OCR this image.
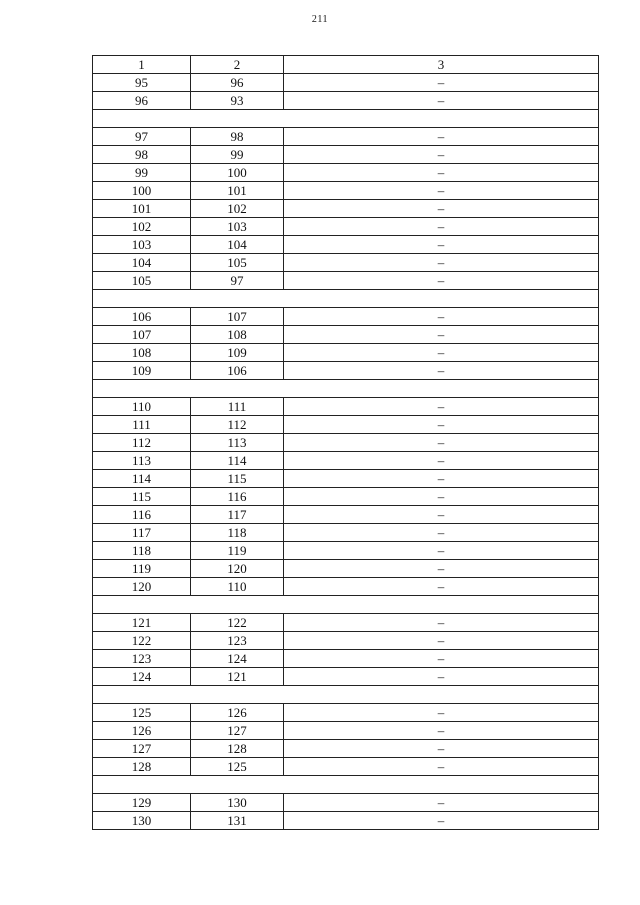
211
1	2	3
95	96	–
96	93	–

97	98	–
98	99	–
99	100	–
100	101	–
101	102	–
102	103	–
103	104	–
104	105	–
105	97	–

106	107	–
107	108	–
108	109	–
109	106	–

110	111	–
111	112	–
112	113	–
113	114	–
114	115	–
115	116	–
116	117	–
117	118	–
118	119	–
119	120	–
120	110	–

121	122	–
122	123	–
123	124	–
124	121	–

125	126	–
126	127	–
127	128	–
128	125	–

129	130	–
130	131	–
